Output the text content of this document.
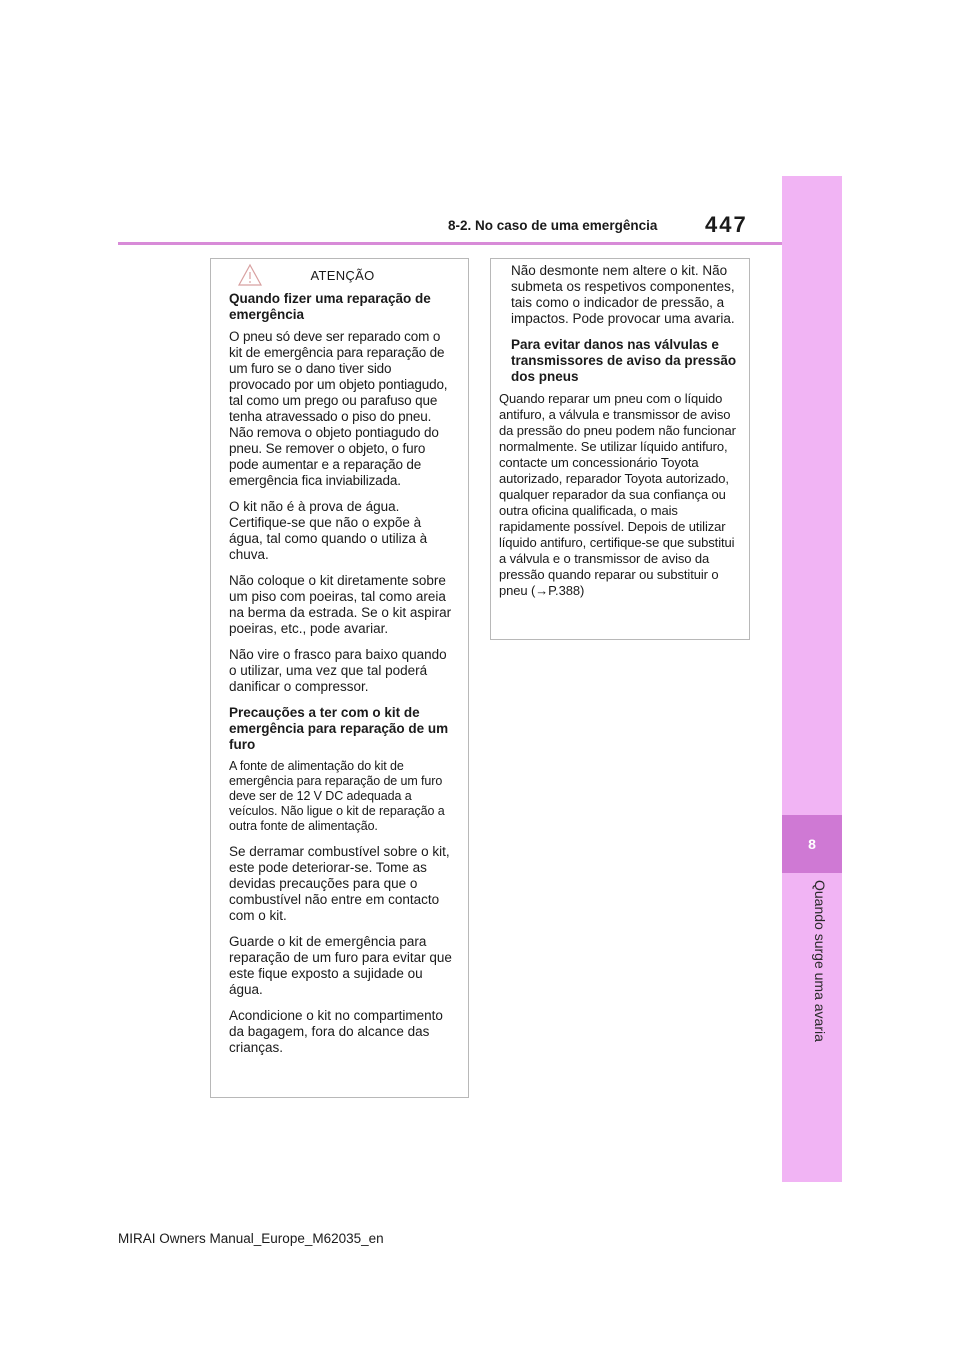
8-2. No caso de uma emergência 447
8
Quando surge uma avaria
ATENÇÃO

Quando fizer uma reparação de emergência

O pneu só deve ser reparado com o kit de emergência para reparação de um furo se o dano tiver sido provocado por um objeto pontiagudo, tal como um prego ou parafuso que tenha atravessado o piso do pneu. Não remova o objeto pontiagudo do pneu. Se remover o objeto, o furo pode aumentar e a reparação de emergência fica inviabilizada.

O kit não é à prova de água. Certifique-se que não o expõe à água, tal como quando o utiliza à chuva.

Não coloque o kit diretamente sobre um piso com poeiras, tal como areia na berma da estrada. Se o kit aspirar poeiras, etc., pode avariar.

Não vire o frasco para baixo quando o utilizar, uma vez que tal poderá danificar o compressor.

Precauções a ter com o kit de emergência para reparação de um furo

A fonte de alimentação do kit de emergência para reparação de um furo deve ser de 12 V DC adequada a veículos. Não ligue o kit de reparação a outra fonte de alimentação.

Se derramar combustível sobre o kit, este pode deteriorar-se. Tome as devidas precauções para que o combustível não entre em contacto com o kit.

Guarde o kit de emergência para reparação de um furo para evitar que este fique exposto a sujidade ou água.

Acondicione o kit no compartimento da bagagem, fora do alcance das crianças.

Não desmonte nem altere o kit. Não submeta os respetivos componentes, tais como o indicador de pressão, a impactos. Pode provocar uma avaria.

Para evitar danos nas válvulas e transmissores de aviso da pressão dos pneus

Quando reparar um pneu com o líquido antifuro, a válvula e transmissor de aviso da pressão do pneu podem não funcionar normalmente. Se utilizar líquido antifuro, contacte um concessionário Toyota autorizado, reparador Toyota autorizado, qualquer reparador da sua confiança ou outra oficina qualificada, o mais rapidamente possível. Depois de utilizar líquido antifuro, certifique-se que substitui a válvula e o transmissor de aviso da pressão quando reparar ou substituir o pneu (→P.388)

MIRAI Owners Manual_Europe_M62035_en
